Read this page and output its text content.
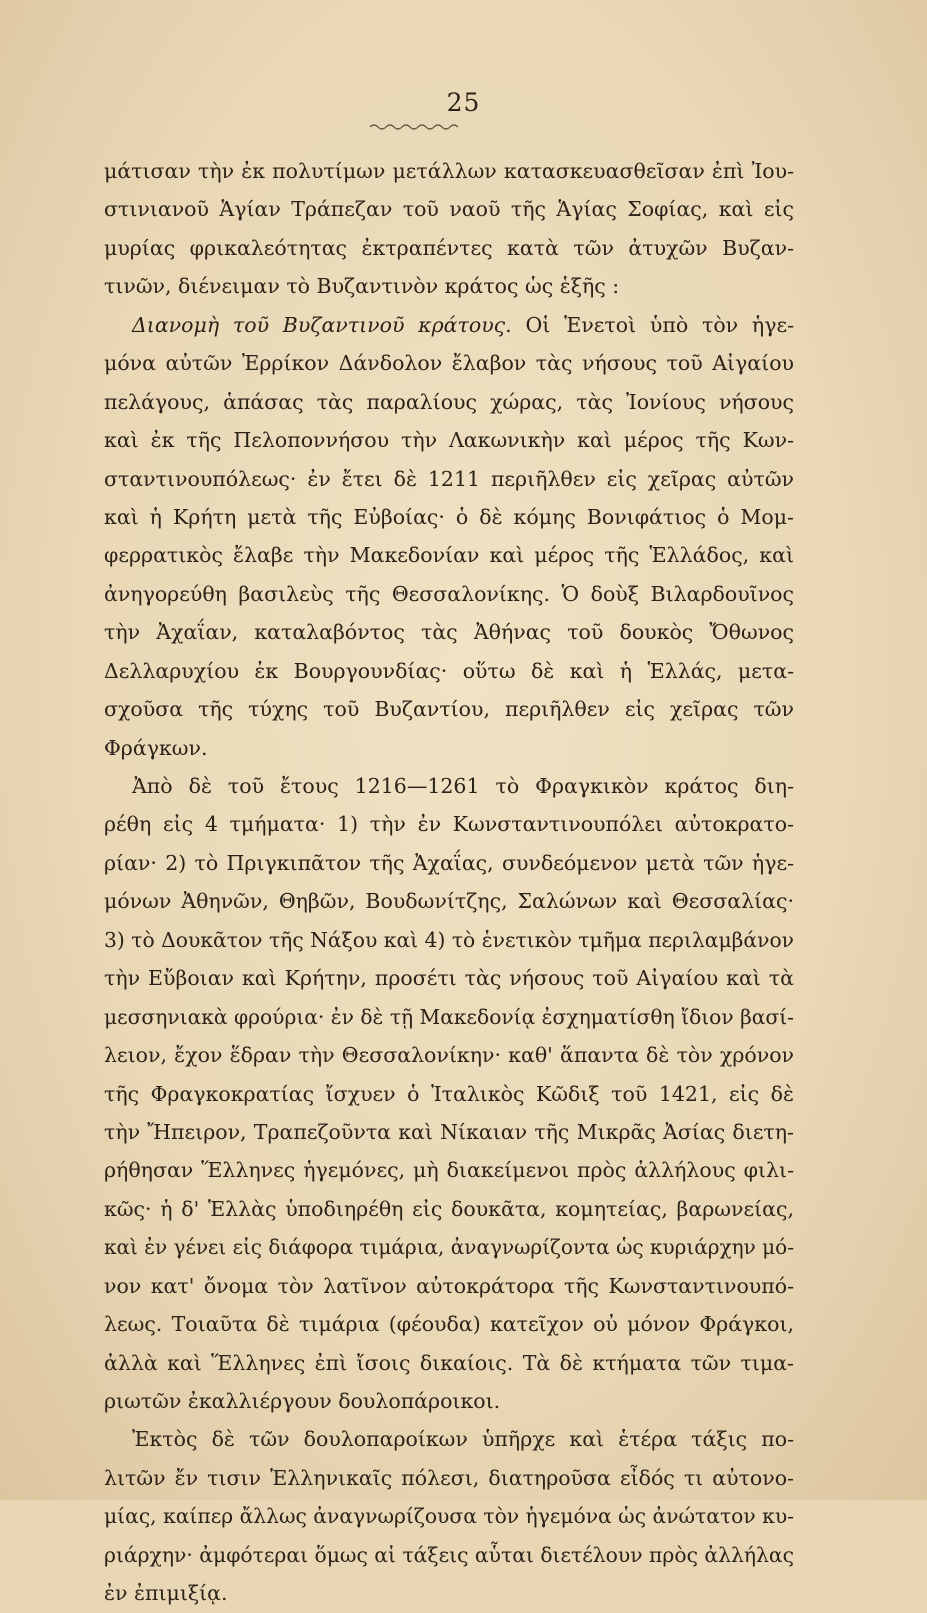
25
μάτισαν τὴν ἐκ πολυτίμων μετάλλων κατασκευασθεῖσαν ἐπὶ Ἰου-
στινιανοῦ Ἁγίαν Τράπεζαν τοῦ ναοῦ τῆς Ἁγίας Σοφίας, καὶ εἰς
μυρίας φρικαλεότητας ἐκτραπέντες κατὰ τῶν ἀτυχῶν Βυζαν-
τινῶν, διένειμαν τὸ Βυζαντινὸν κράτος ὡς ἑξῆς :
Διανομὴ τοῦ Βυζαντινοῦ κράτους. Οἱ Ἑνετοὶ ὑπὸ τὸν ἡγε-
μόνα αὐτῶν Ἐρρίκον Δάνδολον ἔλαβον τὰς νήσους τοῦ Αἰγαίου
πελάγους, ἁπάσας τὰς παραλίους χώρας, τὰς Ἰονίους νήσους
καὶ ἐκ τῆς Πελοποννήσου τὴν Λακωνικὴν καὶ μέρος τῆς Κων-
σταντινουπόλεως· ἐν ἔτει δὲ 1211 περιῆλθεν εἰς χεῖρας αὐτῶν
καὶ ἡ Κρήτη μετὰ τῆς Εὐβοίας· ὁ δὲ κόμης Βονιφάτιος ὁ Μομ-
φερρατικὸς ἔλαβε τὴν Μακεδονίαν καὶ μέρος τῆς Ἑλλάδος, καὶ
ἀνηγορεύθη βασιλεὺς τῆς Θεσσαλονίκης. Ὁ δοὺξ Βιλαρδουῖνος
τὴν Ἀχαΐαν, καταλαβόντος τὰς Ἀθήνας τοῦ δουκὸς Ὄθωνος
Δελλαρυχίου ἐκ Βουργουνδίας· οὕτω δὲ καὶ ἡ Ἑλλάς, μετα-
σχοῦσα τῆς τύχης τοῦ Βυζαντίου, περιῆλθεν εἰς χεῖρας τῶν
Φράγκων.
Ἀπὸ δὲ τοῦ ἔτους 1216—1261 τὸ Φραγκικὸν κράτος διη-
ρέθη εἰς 4 τμήματα· 1) τὴν ἐν Κωνσταντινουπόλει αὐτοκρατο-
ρίαν· 2) τὸ Πριγκιπᾶτον τῆς Ἀχαΐας, συνδεόμενον μετὰ τῶν ἡγε-
μόνων Ἀθηνῶν, Θηβῶν, Βουδωνίτζης, Σαλώνων καὶ Θεσσαλίας·
3) τὸ Δουκᾶτον τῆς Νάξου καὶ 4) τὸ ἑνετικὸν τμῆμα περιλαμβάνον
τὴν Εὔβοιαν καὶ Κρήτην, προσέτι τὰς νήσους τοῦ Αἰγαίου καὶ τὰ
μεσσηνιακὰ φρούρια· ἐν δὲ τῇ Μακεδονίᾳ ἐσχηματίσθη ἴδιον βασί-
λειον, ἔχον ἕδραν τὴν Θεσσαλονίκην· καθ' ἅπαντα δὲ τὸν χρόνον
τῆς Φραγκοκρατίας ἴσχυεν ὁ Ἰταλικὸς Κῶδιξ τοῦ 1421, εἰς δὲ
τὴν Ἤπειρον, Τραπεζοῦντα καὶ Νίκαιαν τῆς Μικρᾶς Ἀσίας διετη-
ρήθησαν Ἕλληνες ἡγεμόνες, μὴ διακείμενοι πρὸς ἀλλήλους φιλι-
κῶς· ἡ δ' Ἑλλὰς ὑποδιηρέθη εἰς δουκᾶτα, κομητείας, βαρωνείας,
καὶ ἐν γένει εἰς διάφορα τιμάρια, ἀναγνωρίζοντα ὡς κυριάρχην μό-
νον κατ' ὄνομα τὸν λατῖνον αὐτοκράτορα τῆς Κωνσταντινουπό-
λεως. Τοιαῦτα δὲ τιμάρια (φέουδα) κατεῖχον οὐ μόνον Φράγκοι,
ἀλλὰ καὶ Ἕλληνες ἐπὶ ἴσοις δικαίοις. Τὰ δὲ κτήματα τῶν τιμα-
ριωτῶν ἐκαλλιέργουν δουλοπάροικοι.
Ἐκτὸς δὲ τῶν δουλοπαροίκων ὑπῆρχε καὶ ἑτέρα τάξις πο-
λιτῶν ἔν τισιν Ἑλληνικαῖς πόλεσι, διατηροῦσα εἶδός τι αὐτονο-
μίας, καίπερ ἄλλως ἀναγνωρίζουσα τὸν ἡγεμόνα ὡς ἀνώτατον κυ-
ριάρχην· ἀμφότεραι ὅμως αἱ τάξεις αὗται διετέλουν πρὸς ἀλλήλας
ἐν ἐπιμιξίᾳ.
